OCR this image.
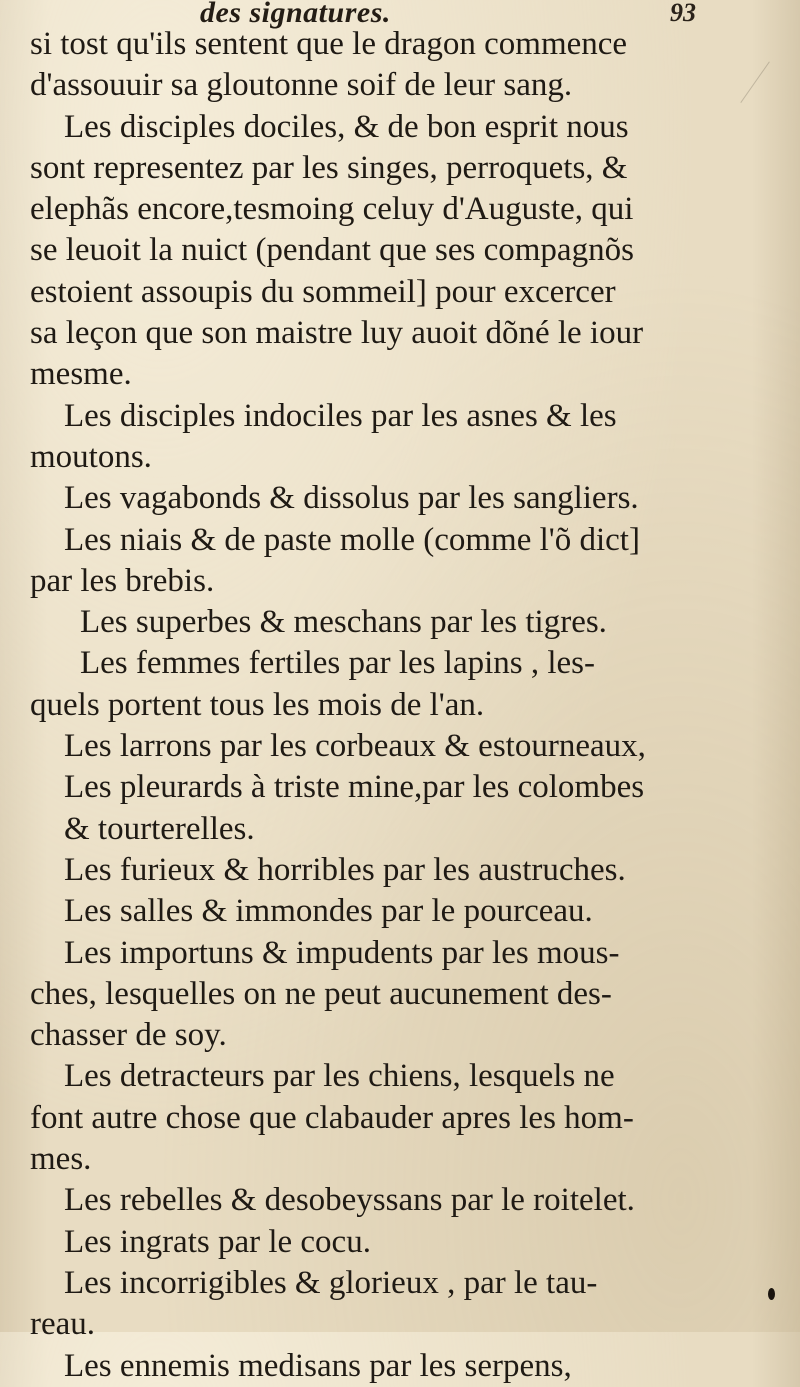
des signatures.	93
si tost qu'ils sentent que le dragon commence
d'assouuir sa gloutonne soif de leur sang.
Les disciples dociles, & de bon esprit nous
sont representez par les singes, perroquets, &
elephãs encore,tesmoing celuy d'Auguste, qui
se leuoit la nuict (pendant que ses compagnõs
estoient assoupis du sommeil] pour excercer
sa leçon que son maistre luy auoit dõné le iour
mesme.
Les disciples indociles par les asnes & les
moutons.
Les vagabonds & dissolus par les sangliers.
Les niais & de paste molle (comme l'õ dict]
par les brebis.
Les superbes & meschans par les tigres.
Les femmes fertiles par les lapins , les-
quels portent tous les mois de l'an.
Les larrons par les corbeaux & estourneaux,
Les pleurards à triste mine,par les colombes
& tourterelles.
Les furieux & horribles par les austruches.
Les salles & immondes par le pourceau.
Les importuns & impudents par les mous-
ches, lesquelles on ne peut aucunement des-
chasser de soy.
Les detracteurs par les chiens, lesquels ne
font autre chose que clabauder apres les hom-
mes.
Les rebelles & desobeyssans par le roitelet.
Les ingrats par le cocu.
Les incorrigibles & glorieux , par le tau-
reau.
Les ennemis medisans par les serpens,
